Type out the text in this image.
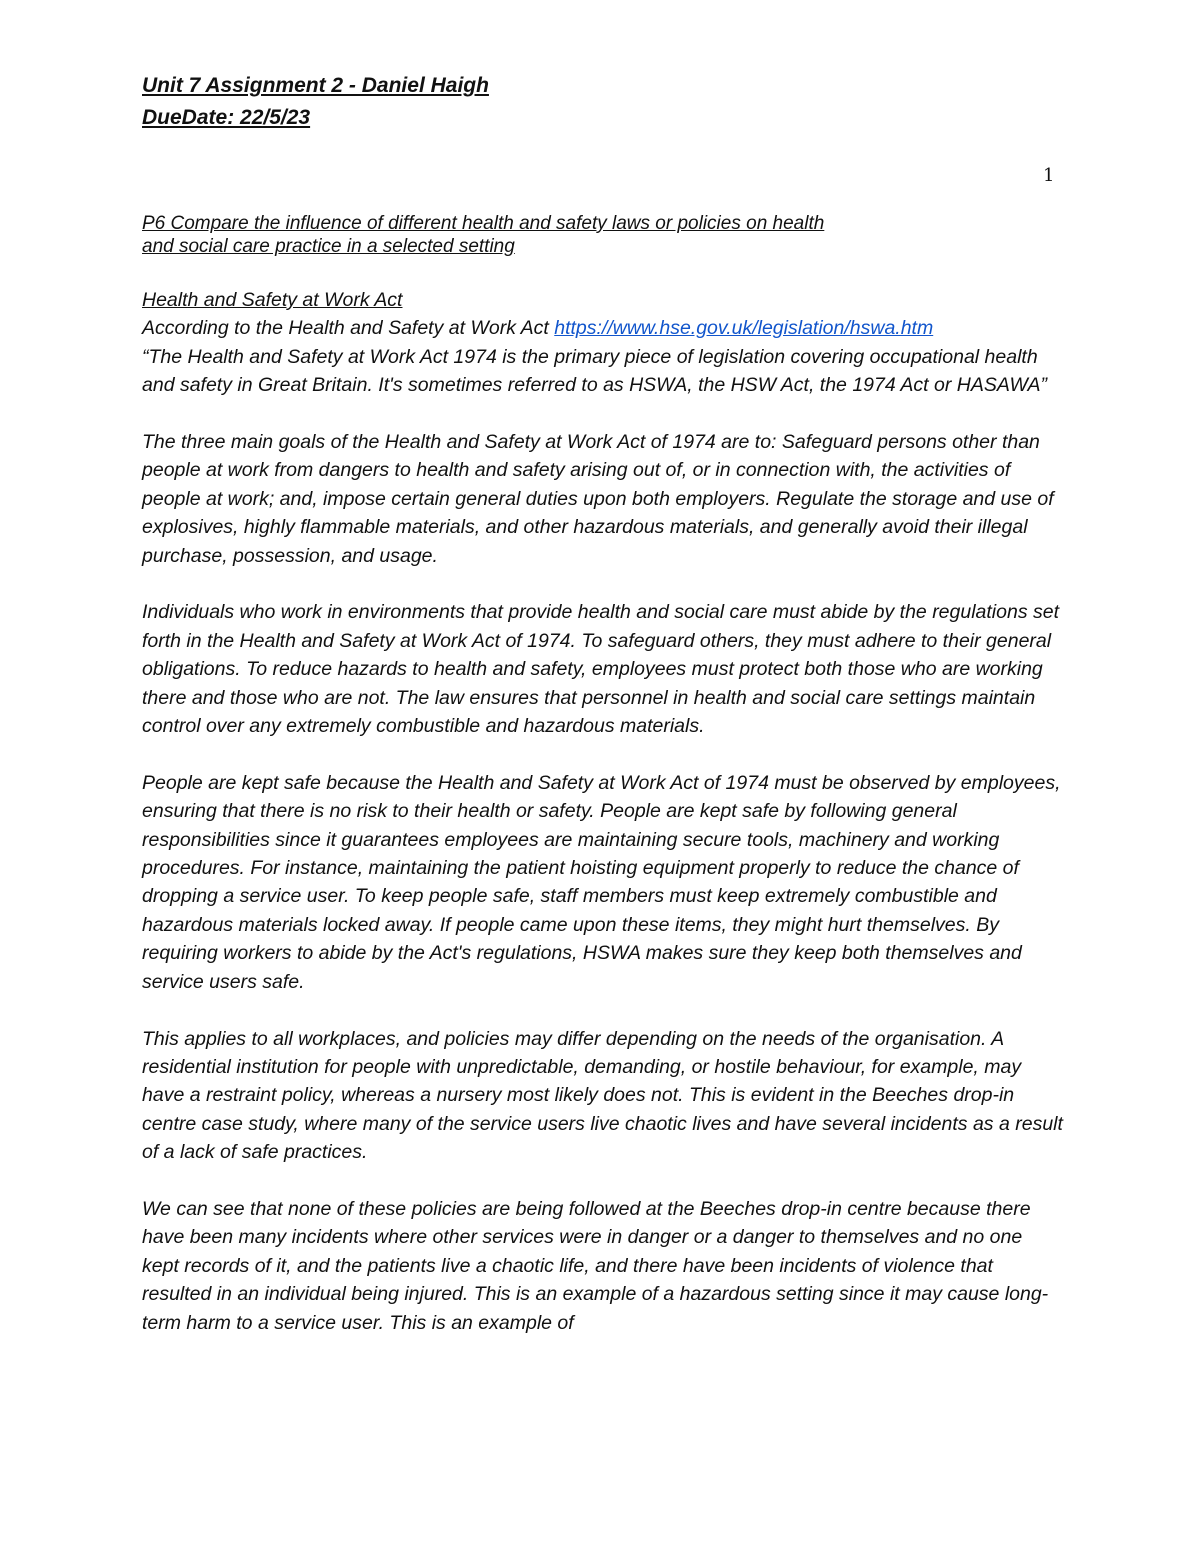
Unit 7 Assignment 2 - Daniel Haigh
DueDate: 22/5/23
1
P6 Compare the influence of different health and safety laws or policies on health
and social care practice in a selected setting

Health and Safety at Work Act
According to the Health and Safety at Work Act https://www.hse.gov.uk/legislation/hswa.htm
“The Health and Safety at Work Act 1974 is the primary piece of legislation covering occupational health and safety in Great Britain. It's sometimes referred to as HSWA, the HSW Act, the 1974 Act or HASAWA”

The three main goals of the Health and Safety at Work Act of 1974 are to: Safeguard persons other than people at work from dangers to health and safety arising out of, or in connection with, the activities of people at work; and, impose certain general duties upon both employers. Regulate the storage and use of explosives, highly flammable materials, and other hazardous materials, and generally avoid their illegal purchase, possession, and usage.

Individuals who work in environments that provide health and social care must abide by the regulations set forth in the Health and Safety at Work Act of 1974. To safeguard others, they must adhere to their general obligations. To reduce hazards to health and safety, employees must protect both those who are working there and those who are not. The law ensures that personnel in health and social care settings maintain control over any extremely combustible and hazardous materials.

People are kept safe because the Health and Safety at Work Act of 1974 must be observed by employees, ensuring that there is no risk to their health or safety. People are kept safe by following general responsibilities since it guarantees employees are maintaining secure tools, machinery and working procedures. For instance, maintaining the patient hoisting equipment properly to reduce the chance of dropping a service user. To keep people safe, staff members must keep extremely combustible and hazardous materials locked away. If people came upon these items, they might hurt themselves. By requiring workers to abide by the Act's regulations, HSWA makes sure they keep both themselves and service users safe.

This applies to all workplaces, and policies may differ depending on the needs of the organisation. A residential institution for people with unpredictable, demanding, or hostile behaviour, for example, may have a restraint policy, whereas a nursery most likely does not. This is evident in the Beeches drop-in centre case study, where many of the service users live chaotic lives and have several incidents as a result of a lack of safe practices.

We can see that none of these policies are being followed at the Beeches drop-in centre because there have been many incidents where other services were in danger or a danger to themselves and no one kept records of it, and the patients live a chaotic life, and there have been incidents of violence that resulted in an individual being injured. This is an example of a hazardous setting since it may cause long-term harm to a service user. This is an example of
